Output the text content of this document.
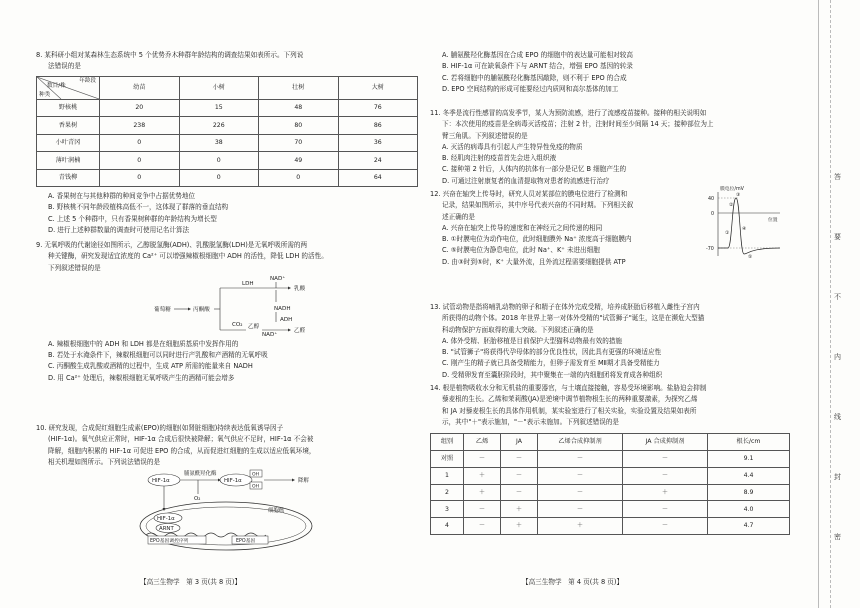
8. 某科研小组对某森林生态系统中 5 个优势乔木种群年龄结构的调查结果如表所示。下列说

法错误的是

年龄段
数目/株
种类	幼苗	小树	壮树	大树
野核桃	20	15	48	76
香果树	238	226	80	86
小叶青冈	0	38	70	36
薄叶润楠	0	0	49	24
青钱柳	0	0	0	64

A. 香果树在与其他种群的种间竞争中占据优势地位

B. 野核桃不同年龄段植株高低不一，这体现了群落的垂直结构

C. 上述 5 个种群中，只有香果树种群的年龄结构为增长型

D. 进行上述种群数量的调查时可使用记名计算法

9. 无氧呼吸的代谢途径如图所示，乙醇脱氢酶(ADH)、乳酸脱氢酶(LDH)是无氧呼吸所需的两

种关键酶，研究发现适宜浓度的 Ca²⁺ 可以增强辣椒根细胞中 ADH 的活性，降低 LDH 的活性。

下列叙述错误的是

葡萄糖	丙酮酸
LDH
乳酸
NAD⁺
NADH
ADH
乙醇
CO₂
乙醛
NAD⁺

A. 辣椒根细胞中的 ADH 和 LDH 都是在细胞质基质中发挥作用的

B. 若处于水淹条件下，辣椒根细胞可以同时进行产乳酸和产酒精的无氧呼吸

C. 丙酮酸生成乳酸或酒精的过程中，生成 ATP 所需的能量来自 NADH

D. 用 Ca²⁺ 处理后，辣椒根细胞无氧呼吸产生的酒精可能会增多

10. 研究发现，合成促红细胞生成素(EPO)的细胞(如肾脏细胞)持续表达低氧诱导因子

(HIF-1α)。氧气供应正常时，HIF-1α 合成后很快被降解；氧气供应不足时，HIF-1α 不会被

降解，细胞内积累的 HIF-1α 可促进 EPO 的合成，从而促进红细胞的生成以适应低氧环境，

相关机理如图所示。下列说法错误的是

HIF-1α
脯氨酰羟化酶
O₂
HIF-1α
OH
OH
降解
细胞核
HIF-1α
ARNT
EPO基因调控序列	EPO基因
【高三生物学　第 3 页(共 8 页)】

A. 脯氨酰羟化酶基因在合成 EPO 的细胞中的表达量可能相对较高

B. HIF-1α 可在缺氧条件下与 ARNT 结合，增强 EPO 基因的转录

C. 若将细胞中的脯氨酰羟化酶基因敲除，则不利于 EPO 的合成

D. EPO 空间结构的形成可能要经过内质网和高尔基体的加工

11. 冬季是流行性感冒的高发季节，某人为预防流感，进行了流感疫苗接种。接种的相关说明如

下：本次使用的疫苗是全病毒灭活疫苗；注射 2 针，注射时间至少间隔 14 天；接种部位为上

臂三角肌。下列叙述错误的是

A. 灭活的病毒具有引起人产生特异性免疫的物质

B. 经肌肉注射的疫苗首先会进入组织液

C. 接种第 2 针后，人体内的抗体有一部分是记忆 B 细胞产生的

D. 可通过注射康复者的血清提取物对患者的流感进行治疗

12. 兴奋在轴突上传导时，研究人员对某部位的膜电位进行了检测和

记录，结果如图所示，其中序号代表兴奋的不同时期。下列相关叙

述正确的是

A. 兴奋在轴突上传导的速度和在神经元之间传递的相同

B. ①时膜电位为动作电位，此时细胞膜外 Na⁺ 浓度高于细胞膜内

C. ⑤时膜电位为静息电位，此时 Na⁺、K⁺ 未进出细胞

D. 由③时到⑤时，K⁺ 大量外流，且外流过程需要细胞提供 ATP

膜电位/mV
40
0
位置
-70
①
②
③
④
⑤

13. 试管动物是指将哺乳动物的卵子和精子在体外完成受精，培养成胚胎后移植入雌性子宫内

所获得的动物个体。2018 年世界上第一对体外受精的"试管狮子"诞生，这是在濒危大型猫

科动物保护方面取得的重大突破。下列叙述正确的是

A. 体外受精、胚胎移植是目前保护大型猫科动物最有效的措施

B. "试管狮子"将获得代孕母体的部分优良性状，因此具有更强的环境适应性

C. 刚产生的精子就已具备受精能力，但卵子需发育至 MⅡ期才具备受精能力

D. 受精卵发育至囊胚阶段时，其中聚集在一端的内细胞团将发育成各种组织

14. 根是植物吸收水分和无机盐的重要器官，与土壤直接接触，容易受环境影响。盐胁迫会抑制

藜麦根的生长。乙烯和茉莉酸(JA)是逆境中调节植物根生长的两种重要激素，为探究乙烯

和 JA 对藜麦根生长的具体作用机制，某实验室进行了相关实验，实验设置及结果如表所

示，其中"＋"表示施加，"－"表示未施加。下列叙述错误的是

组别	乙烯	JA	乙烯合成抑制剂	JA 合成抑制剂	根长/cm
对照	－	－	－	－	9.1
1	＋	－	－	－	4.4
2	＋	－	－	＋	8.9
3	－	＋	－	－	4.0
4	－	＋	＋	－	4.7
【高三生物学　第 4 页(共 8 页)】
答
要
不
内
线
封
密
